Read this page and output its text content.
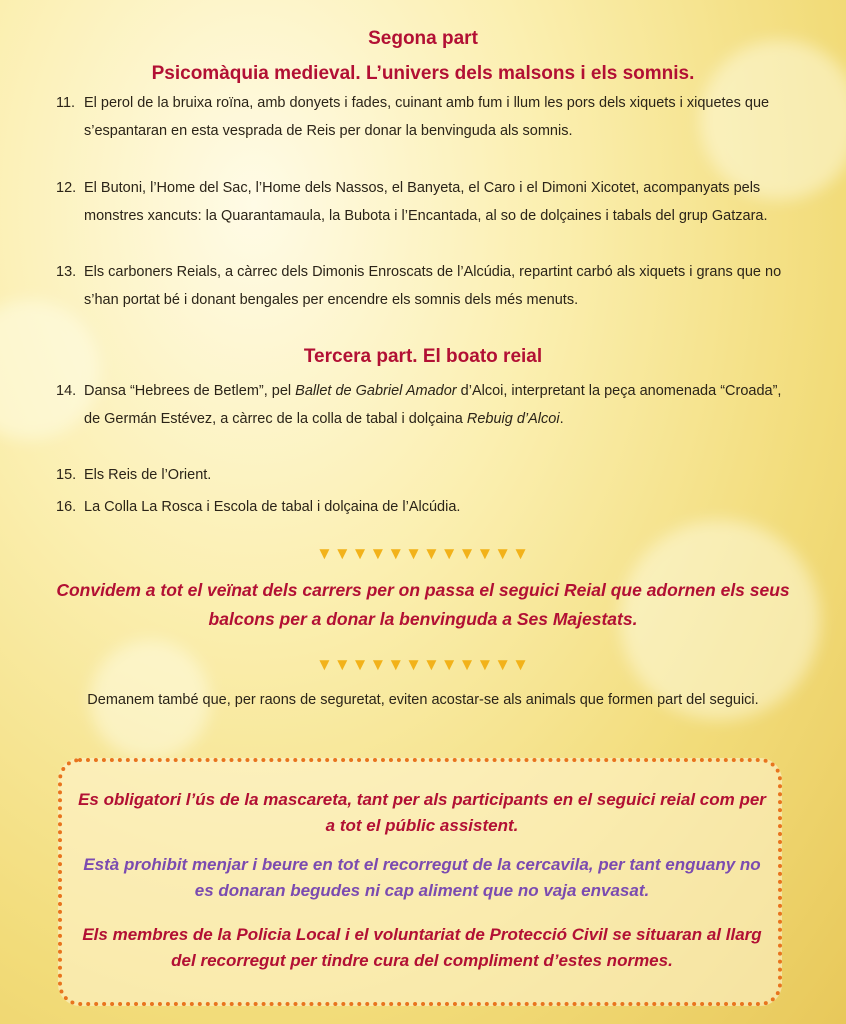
Segona part
Psicomàquia medieval. L’univers dels malsons i els somnis.
11. El perol de la bruixa roïna, amb donyets i fades, cuinant amb fum i llum les pors dels xiquets i xiquetes que s’espantaran en esta vesprada de Reis per donar la benvinguda als somnis.
12. El Butoni, l’Home del Sac, l’Home dels Nassos, el Banyeta, el Caro i el Dimoni Xicotet, acompanyats pels monstres xancuts: la Quarantamaula, la Bubota i l’Encantada, al so de dolçaines i tabals del grup Gatzara.
13. Els carboners Reials, a càrrec dels Dimonis Enroscats de l’Alcúdia, repartint carbó als xiquets i grans que no s’han portat bé i donant bengales per encendre els somnis dels més menuts.
Tercera part. El boato reial
14. Dansa “Hebrees de Betlem”, pel Ballet de Gabriel Amador d’Alcoi, interpretant la peça anomenada “Croada”, de Germán Estévez, a càrrec de la colla de tabal i dolçaina Rebuig d’Alcoi.
15. Els Reis de l’Orient.
16. La Colla La Rosca i Escola de tabal i dolçaina de l’Alcúdia.
▼▼▼▼▼▼▼▼▼▼▼▼
Convidem a tot el veïnat dels carrers per on passa el seguici Reial que adornen els seus balcons per a donar la benvinguda a Ses Majestats.
▼▼▼▼▼▼▼▼▼▼▼▼
Demanem també que, per raons de seguretat, eviten acostar-se als animals que formen part del seguici.
Es obligatori l’ús de la mascareta, tant per als participants en el seguici reial com per a tot el públic assistent.
Està prohibit menjar i beure en tot el recorregut de la cercavila, per tant enguany no es donaran begudes ni cap aliment que no vaja envasat.
Els membres de la Policia Local i el voluntariat de Protecció Civil se situaran al llarg del recorregut per tindre cura del compliment d’estes normes.
